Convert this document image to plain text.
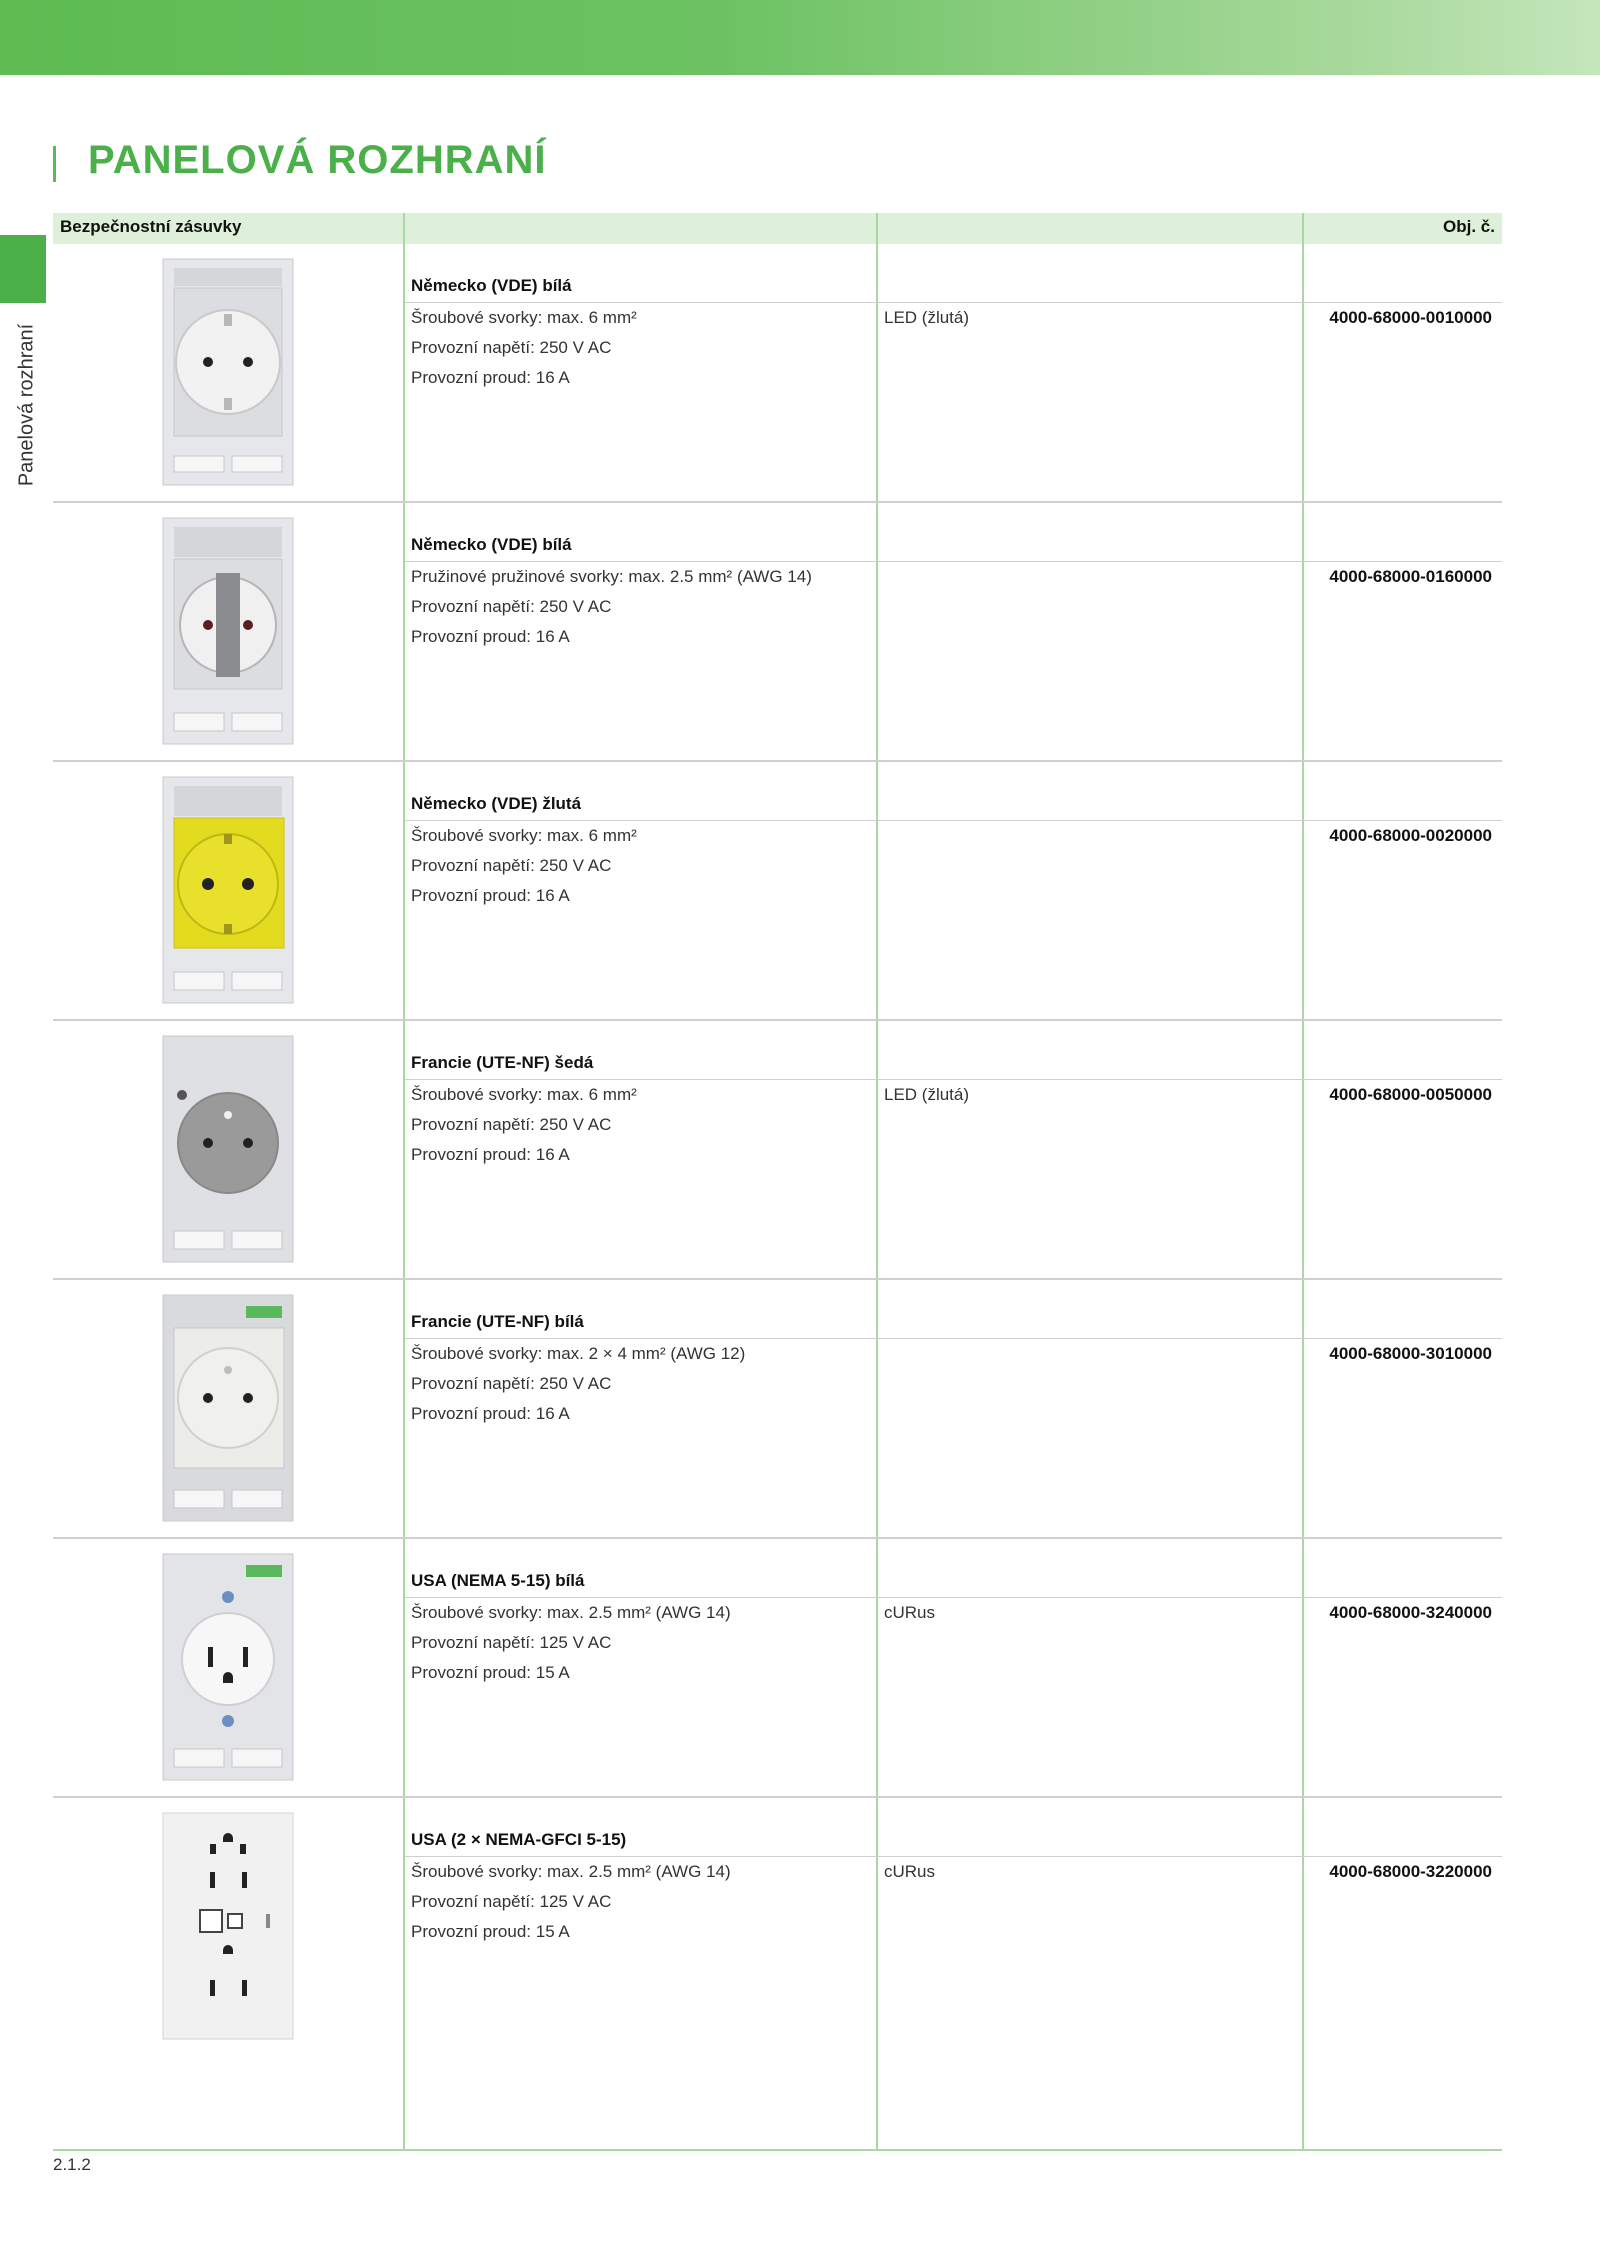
PANELOVÁ ROZHRANÍ
Panelová rozhraní
Bezpečnostní zásuvky	Obj. č.
Německo (VDE) bílá
Šroubové svorky: max. 6 mm²
Provozní napětí: 250 V AC
Provozní proud: 16 A
LED (žlutá)	4000-68000-0010000
Německo (VDE) bílá
Pružinové pružinové svorky: max. 2.5 mm² (AWG 14)
Provozní napětí: 250 V AC
Provozní proud: 16 A
4000-68000-0160000
Německo (VDE) žlutá
Šroubové svorky: max. 6 mm²
Provozní napětí: 250 V AC
Provozní proud: 16 A
4000-68000-0020000
Francie (UTE-NF) šedá
Šroubové svorky: max. 6 mm²
Provozní napětí: 250 V AC
Provozní proud: 16 A
LED (žlutá)	4000-68000-0050000
Francie (UTE-NF) bílá
Šroubové svorky: max. 2 × 4 mm² (AWG 12)
Provozní napětí: 250 V AC
Provozní proud: 16 A
4000-68000-3010000
USA (NEMA 5-15) bílá
Šroubové svorky: max. 2.5 mm² (AWG 14)
Provozní napětí: 125 V AC
Provozní proud: 15 A
cURus	4000-68000-3240000
USA (2 × NEMA-GFCI 5-15)
Šroubové svorky: max. 2.5 mm² (AWG 14)
Provozní napětí: 125 V AC
Provozní proud: 15 A
cURus	4000-68000-3220000
2.1.2
